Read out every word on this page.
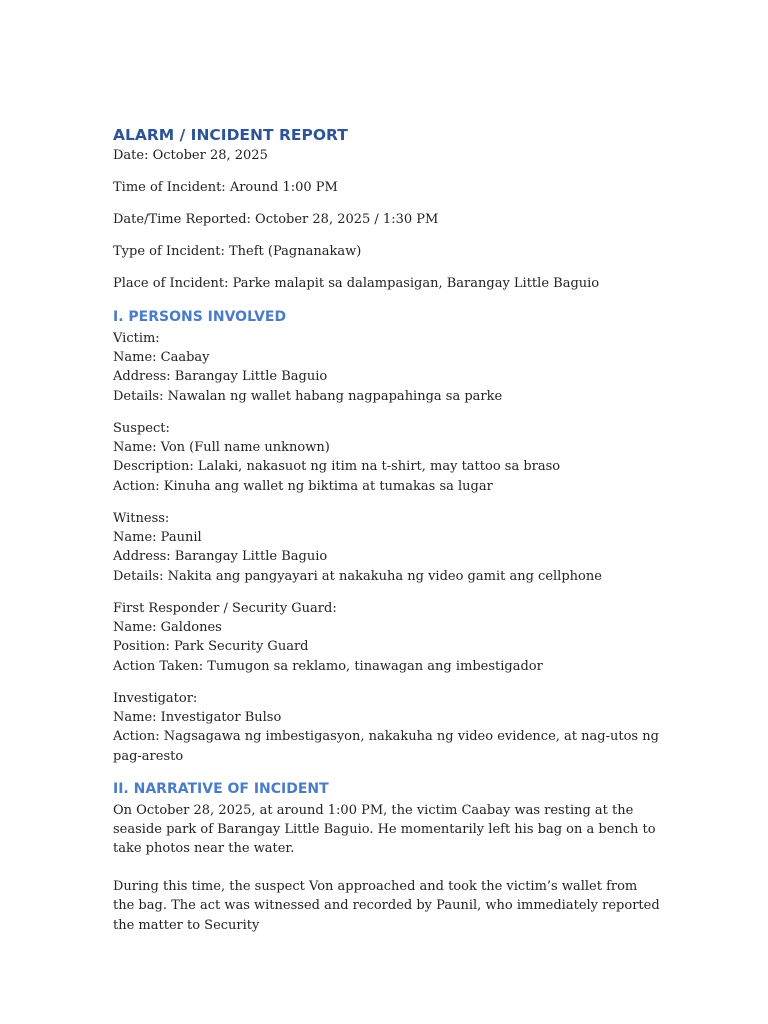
ALARM / INCIDENT REPORT

Date: October 28, 2025

Time of Incident: Around 1:00 PM

Date/Time Reported: October 28, 2025 / 1:30 PM

Type of Incident: Theft (Pagnanakaw)

Place of Incident: Parke malapit sa dalampasigan, Barangay Little Baguio

I. PERSONS INVOLVED

Victim:

Name: Caabay

Address: Barangay Little Baguio

Details: Nawalan ng wallet habang nagpapahinga sa parke

Suspect:

Name: Von (Full name unknown)

Description: Lalaki, nakasuot ng itim na t-shirt, may tattoo sa braso

Action: Kinuha ang wallet ng biktima at tumakas sa lugar

Witness:

Name: Paunil

Address: Barangay Little Baguio

Details: Nakita ang pangyayari at nakakuha ng video gamit ang cellphone

First Responder / Security Guard:

Name: Galdones

Position: Park Security Guard

Action Taken: Tumugon sa reklamo, tinawagan ang imbestigador

Investigator:

Name: Investigator Bulso

Action: Nagsagawa ng imbestigasyon, nakakuha ng video evidence, at nag-utos ng pag-aresto

II. NARRATIVE OF INCIDENT

On October 28, 2025, at around 1:00 PM, the victim Caabay was resting at the seaside park of Barangay Little Baguio. He momentarily left his bag on a bench to take photos near the water.

During this time, the suspect Von approached and took the victim’s wallet from the bag. The act was witnessed and recorded by Paunil, who immediately reported the matter to Security
